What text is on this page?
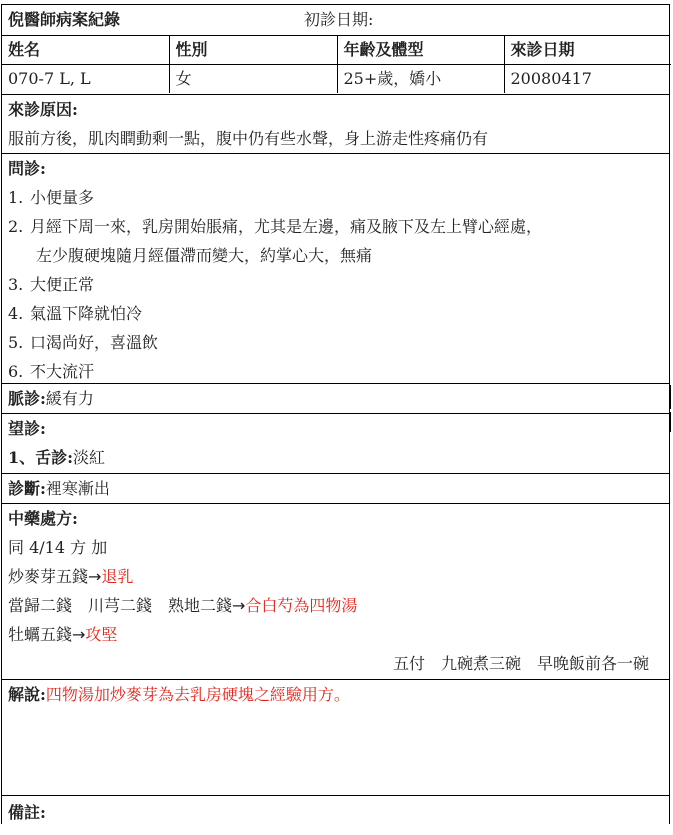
倪醫師病案紀錄	初診日期:
姓名	性別	年齡及體型	來診日期
070-7 L, L	女	25+歲，嬌小	20080417
來診原因:
服前方後，肌肉瞤動剩一點，腹中仍有些水聲，身上游走性疼痛仍有
問診:
1. 小便量多
2. 月經下周一來，乳房開始脹痛，尤其是左邊，痛及腋下及左上臂心經處，
左少腹硬塊隨月經僵滯而變大，約掌心大，無痛
3. 大便正常
4. 氣溫下降就怕冷
5. 口渴尚好，喜溫飲
6. 不大流汗
脈診:緩有力
望診:
1、舌診:淡紅
診斷:裡寒漸出
中藥處方:
同 4/14 方 加
炒麥芽五錢→退乳
當歸二錢　川芎二錢　熟地二錢→合白芍為四物湯
牡蠣五錢→攻堅
五付　九碗煮三碗　早晚飯前各一碗
解說:四物湯加炒麥芽為去乳房硬塊之經驗用方。
備註:
